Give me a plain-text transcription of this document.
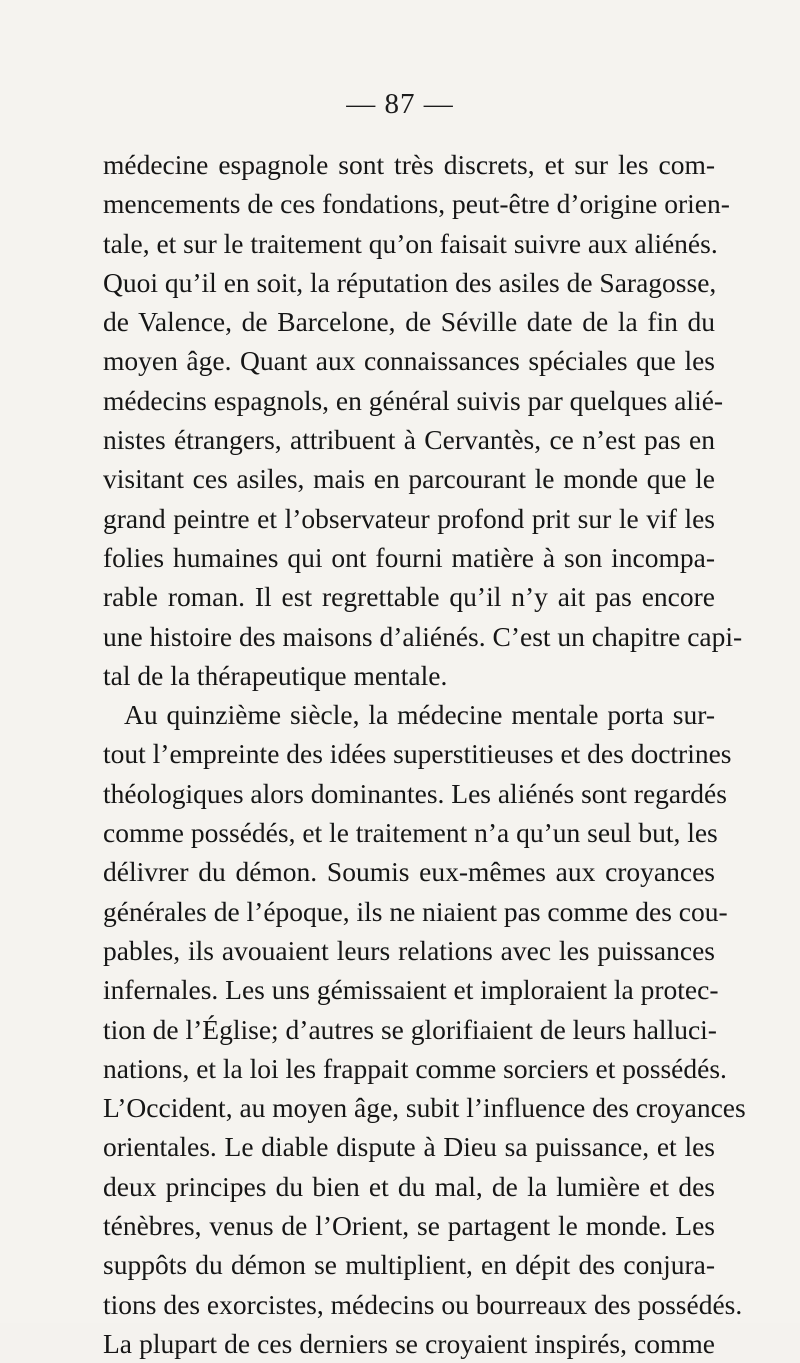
— 87 —
médecine espagnole sont très discrets, et sur les com-
mencements de ces fondations, peut-être d’origine orien-
tale, et sur le traitement qu’on faisait suivre aux aliénés.
Quoi qu’il en soit, la réputation des asiles de Saragosse,
de Valence, de Barcelone, de Séville date de la fin du
moyen âge. Quant aux connaissances spéciales que les
médecins espagnols, en général suivis par quelques alié-
nistes étrangers, attribuent à Cervantès, ce n’est pas en
visitant ces asiles, mais en parcourant le monde que le
grand peintre et l’observateur profond prit sur le vif les
folies humaines qui ont fourni matière à son incompa-
rable roman. Il est regrettable qu’il n’y ait pas encore
une histoire des maisons d’aliénés. C’est un chapitre capi-
tal de la thérapeutique mentale.
Au quinzième siècle, la médecine mentale porta sur-
tout l’empreinte des idées superstitieuses et des doctrines
théologiques alors dominantes. Les aliénés sont regardés
comme possédés, et le traitement n’a qu’un seul but, les
délivrer du démon. Soumis eux-mêmes aux croyances
générales de l’époque, ils ne niaient pas comme des cou-
pables, ils avouaient leurs relations avec les puissances
infernales. Les uns gémissaient et imploraient la protec-
tion de l’Église; d’autres se glorifiaient de leurs halluci-
nations, et la loi les frappait comme sorciers et possédés.
L’Occident, au moyen âge, subit l’influence des croyances
orientales. Le diable dispute à Dieu sa puissance, et les
deux principes du bien et du mal, de la lumière et des
ténèbres, venus de l’Orient, se partagent le monde. Les
suppôts du démon se multiplient, en dépit des conjura-
tions des exorcistes, médecins ou bourreaux des possédés.
La plupart de ces derniers se croyaient inspirés, comme
